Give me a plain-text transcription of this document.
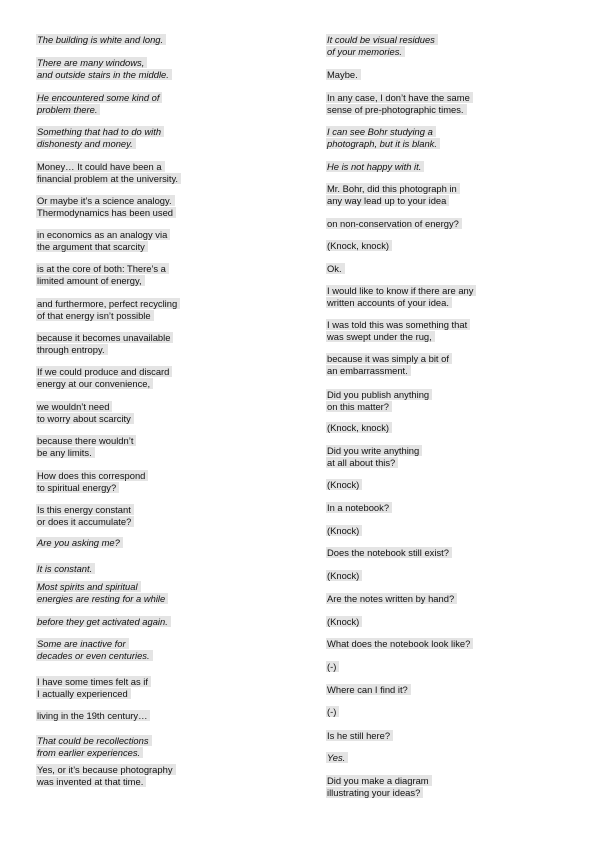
The building is white and long.
There are many windows,
and outside stairs in the middle.
He encountered some kind of
problem there.
Something that had to do with
dishonesty and money.
Money… It could have been a
financial problem at the university.
Or maybe it’s a science analogy.
Thermodynamics has been used
in economics as an analogy via
the argument that scarcity
is at the core of both: There’s a
limited amount of energy,
and furthermore, perfect recycling
of that energy isn’t possible
because it becomes unavailable
through entropy.
If we could produce and discard
energy at our convenience,
we wouldn’t need
to worry about scarcity
because there wouldn’t
be any limits.
How does this correspond
to spiritual energy?
Is this energy constant
or does it accumulate?
Are you asking me?
It is constant.
Most spirits and spiritual
energies are resting for a while
before they get activated again.
Some are inactive for
decades or even centuries.
I have some times felt as if
I actually experienced
living in the 19th century…
That could be recollections
from earlier experiences.
Yes, or it’s because photography
was invented at that time.
It could be visual residues
of your memories.
Maybe.
In any case, I don’t have the same
sense of pre-photographic times.
I can see Bohr studying a
photograph, but it is blank.
He is not happy with it.
Mr. Bohr, did this photograph in
any way lead up to your idea
on non-conservation of energy?
(Knock, knock)
Ok.
I would like to know if there are any
written accounts of your idea.
I was told this was something that
was swept under the rug,
because it was simply a bit of
an embarrassment.
Did you publish anything
on this matter?
(Knock, knock)
Did you write anything
at all about this?
(Knock)
In a notebook?
(Knock)
Does the notebook still exist?
(Knock)
Are the notes written by hand?
(Knock)
What does the notebook look like?
(-)
Where can I find it?
(-)
Is he still here?
Yes.
Did you make a diagram
illustrating your ideas?
